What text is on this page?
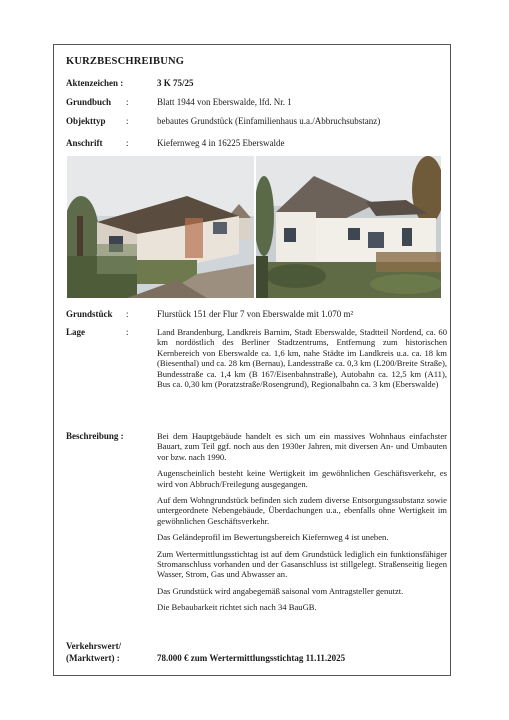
KURZBESCHREIBUNG
Aktenzeichen :	3 K 75/25
Grundbuch :	Blatt 1944 von Eberswalde, lfd. Nr. 1
Objekttyp :	bebautes Grundstück (Einfamilienhaus u.a./Abbruchsubstanz)
Anschrift	:	Kiefernweg 4 in 16225 Eberswalde
Grundstück :	Flurstück 151 der Flur 7 von Eberswalde mit 1.070 m²
Lage	:	Land Brandenburg, Landkreis Barnim, Stadt Eberswalde, Stadtteil Nordend, ca. 60 km nordöstlich des Berliner Stadtzentrums, Entfernung zum historischen Kernbereich von Eberswalde ca. 1,6 km, nahe Städte im Landkreis u.a. ca. 18 km (Biesenthal) und ca. 28 km (Bernau), Landesstraße ca. 0,3 km (L200/Breite Straße), Bundesstraße ca. 1,4 km (B 167/Eisenbahnstraße), Autobahn ca. 12,5 km (A11), Bus ca. 0,30 km (Poratzstraße/Rosengrund), Regionalbahn ca. 3 km (Eberswalde)

Beschreibung :	Bei dem Hauptgebäude handelt es sich um ein massives Wohnhaus einfachster Bauart, zum Teil ggf. noch aus den 1930er Jahren, mit diversen An- und Umbauten vor bzw. nach 1990.

Augenscheinlich besteht keine Wertigkeit im gewöhnlichen Geschäftsverkehr, es wird von Abbruch/Freilegung ausgegangen.

Auf dem Wohngrundstück befinden sich zudem diverse Entsorgungssubstanz sowie untergeordnete Nebengebäude, Überdachungen u.a., ebenfalls ohne Wertigkeit im gewöhnlichen Geschäftsverkehr.

Das Geländeprofil im Bewertungsbereich Kiefernweg 4 ist uneben.

Zum Wertermittlungsstichtag ist auf dem Grundstück lediglich ein funktionsfähiger Stromanschluss vorhanden und der Gasanschluss ist stillgelegt. Straßenseitig liegen Wasser, Strom, Gas und Abwasser an.

Das Grundstück wird angabegemäß saisonal vom Antragsteller genutzt.

Die Bebaubarkeit richtet sich nach 34 BauGB.

Verkehrswert/
(Marktwert) :	78.000 € zum Wertermittlungsstichtag 11.11.2025
